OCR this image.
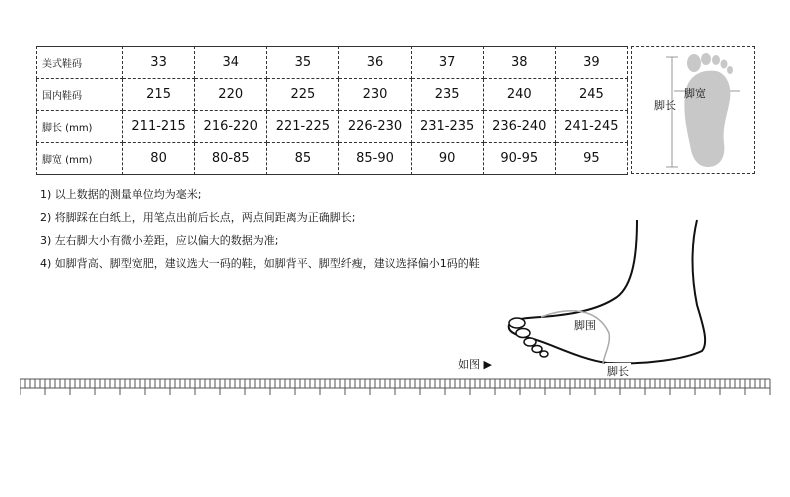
美式鞋码	33	34	35	36	37	38	39
国内鞋码	215	220	225	230	235	240	245
脚长 (mm)	211-215	216-220	221-225	226-230	231-235	236-240	241-245
脚宽 (mm)	80	80-85	85	85-90	90	90-95	95
脚长
脚宽
1) 以上数据的测量单位均为毫米;
2) 将脚踩在白纸上，用笔点出前后长点，两点间距离为正确脚长;
3) 左右脚大小有微小差距，应以偏大的数据为准;
4) 如脚背高、脚型宽肥，建议选大一码的鞋，如脚背平、脚型纤瘦，建议选择偏小1码的鞋
脚围
脚长
如图 ▶
